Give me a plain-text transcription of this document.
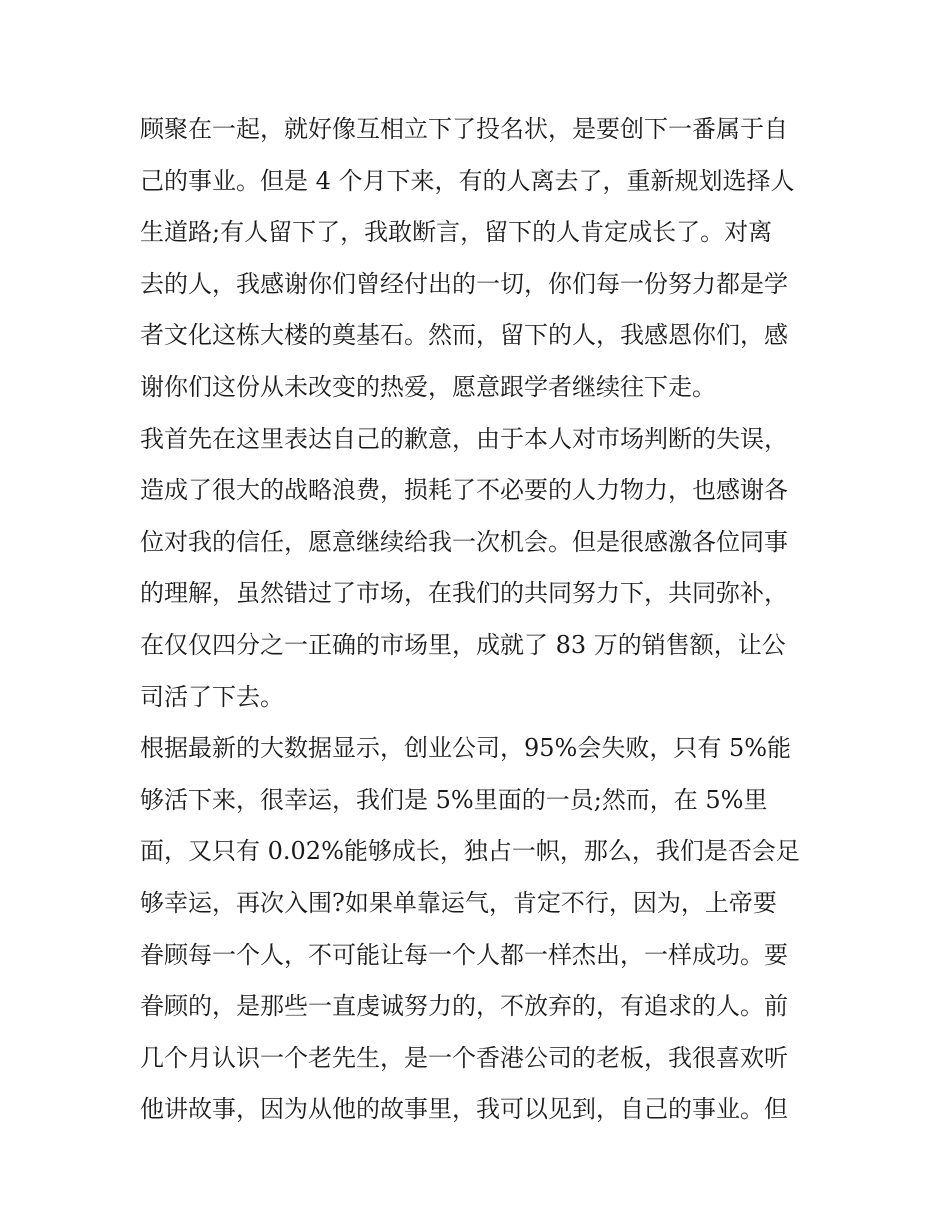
顾聚在一起，就好像互相立下了投名状，是要创下一番属于自
己的事业。但是 4 个月下来，有的人离去了，重新规划选择人
生道路;有人留下了，我敢断言，留下的人肯定成长了。对离
去的人，我感谢你们曾经付出的一切，你们每一份努力都是学
者文化这栋大楼的奠基石。然而，留下的人，我感恩你们，感
谢你们这份从未改变的热爱，愿意跟学者继续往下走。
我首先在这里表达自己的歉意，由于本人对市场判断的失误，
造成了很大的战略浪费，损耗了不必要的人力物力，也感谢各
位对我的信任，愿意继续给我一次机会。但是很感激各位同事
的理解，虽然错过了市场，在我们的共同努力下，共同弥补，
在仅仅四分之一正确的市场里，成就了 83 万的销售额，让公
司活了下去。
根据最新的大数据显示，创业公司，95%会失败，只有 5%能
够活下来，很幸运，我们是 5%里面的一员;然而，在 5%里
面，又只有 0.02%能够成长，独占一帜，那么，我们是否会足
够幸运，再次入围?如果单靠运气，肯定不行，因为，上帝要
眷顾每一个人，不可能让每一个人都一样杰出，一样成功。要
眷顾的，是那些一直虔诚努力的，不放弃的，有追求的人。前
几个月认识一个老先生，是一个香港公司的老板，我很喜欢听
他讲故事，因为从他的故事里，我可以见到，自己的事业。但
